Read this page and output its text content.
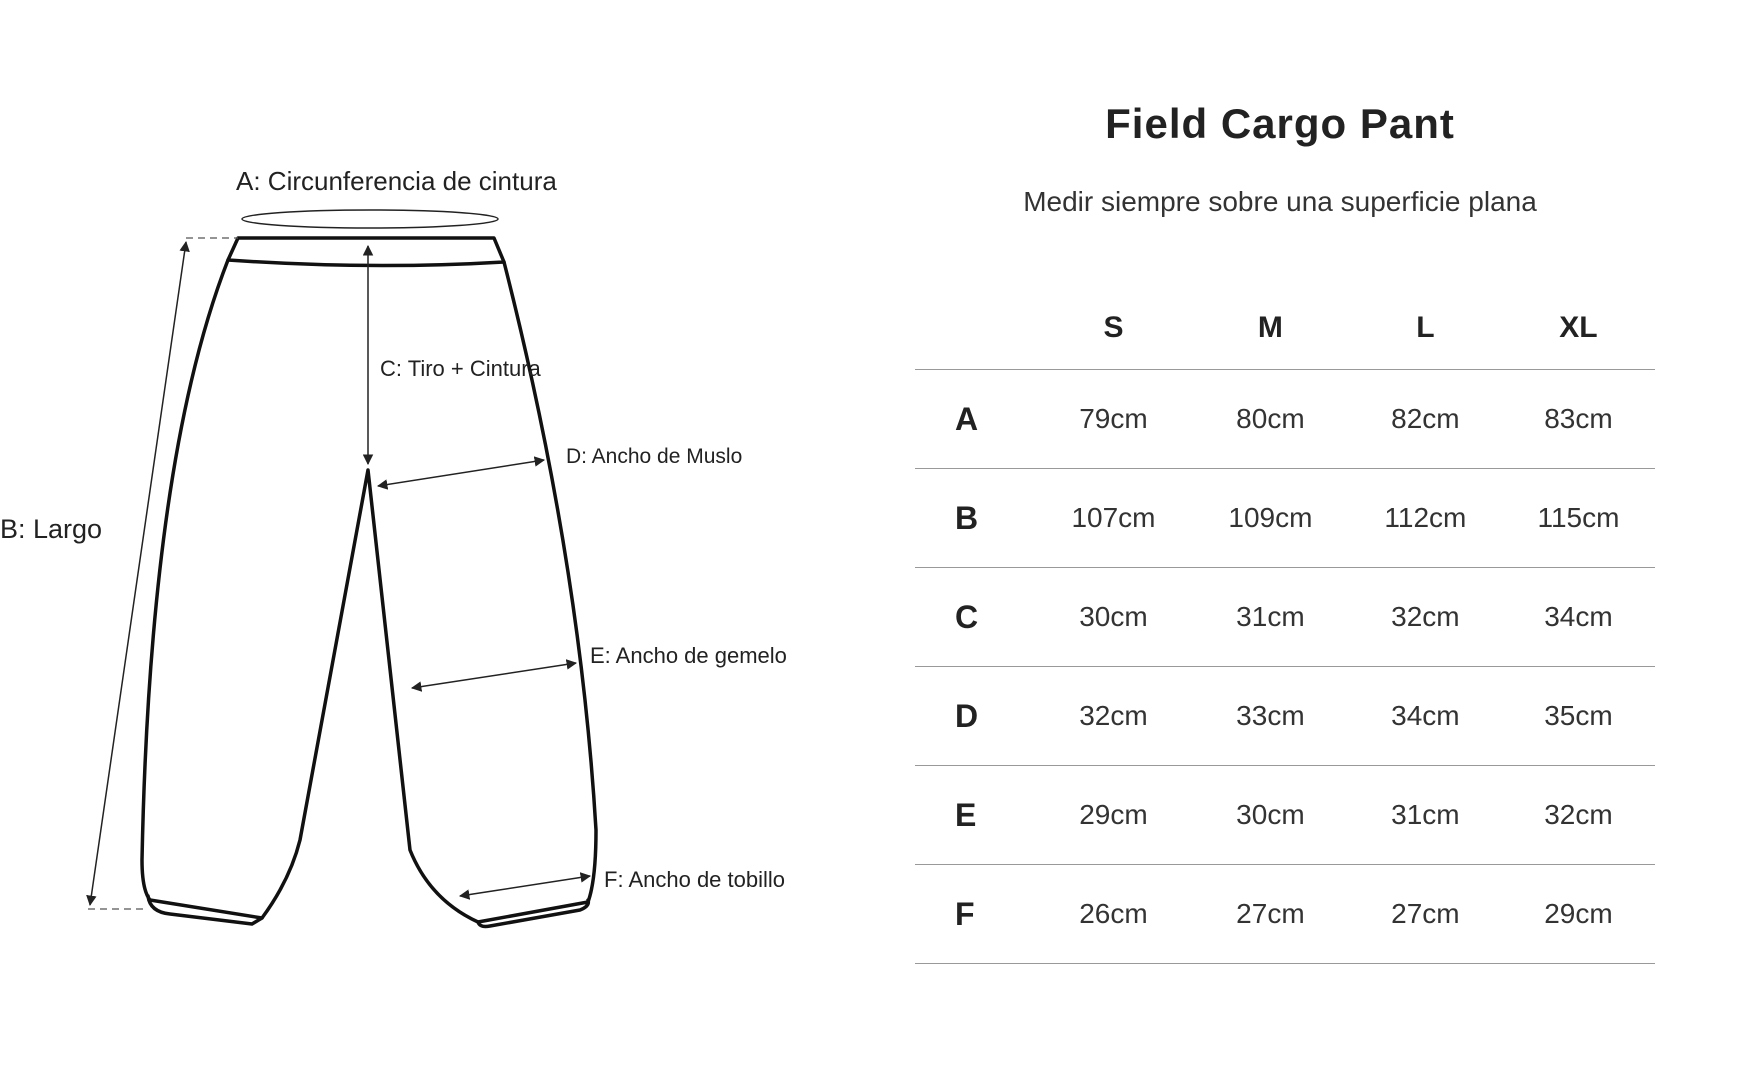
A: Circunferencia de cintura
B: Largo
C: Tiro + Cintura
D: Ancho de Muslo
E: Ancho de gemelo
F: Ancho de tobillo
Field Cargo Pant
Medir siempre sobre una superficie plana
	S	M	L	XL
A	79cm	80cm	82cm	83cm
B	107cm	109cm	112cm	115cm
C	30cm	31cm	32cm	34cm
D	32cm	33cm	34cm	35cm
E	29cm	30cm	31cm	32cm
F	26cm	27cm	27cm	29cm
